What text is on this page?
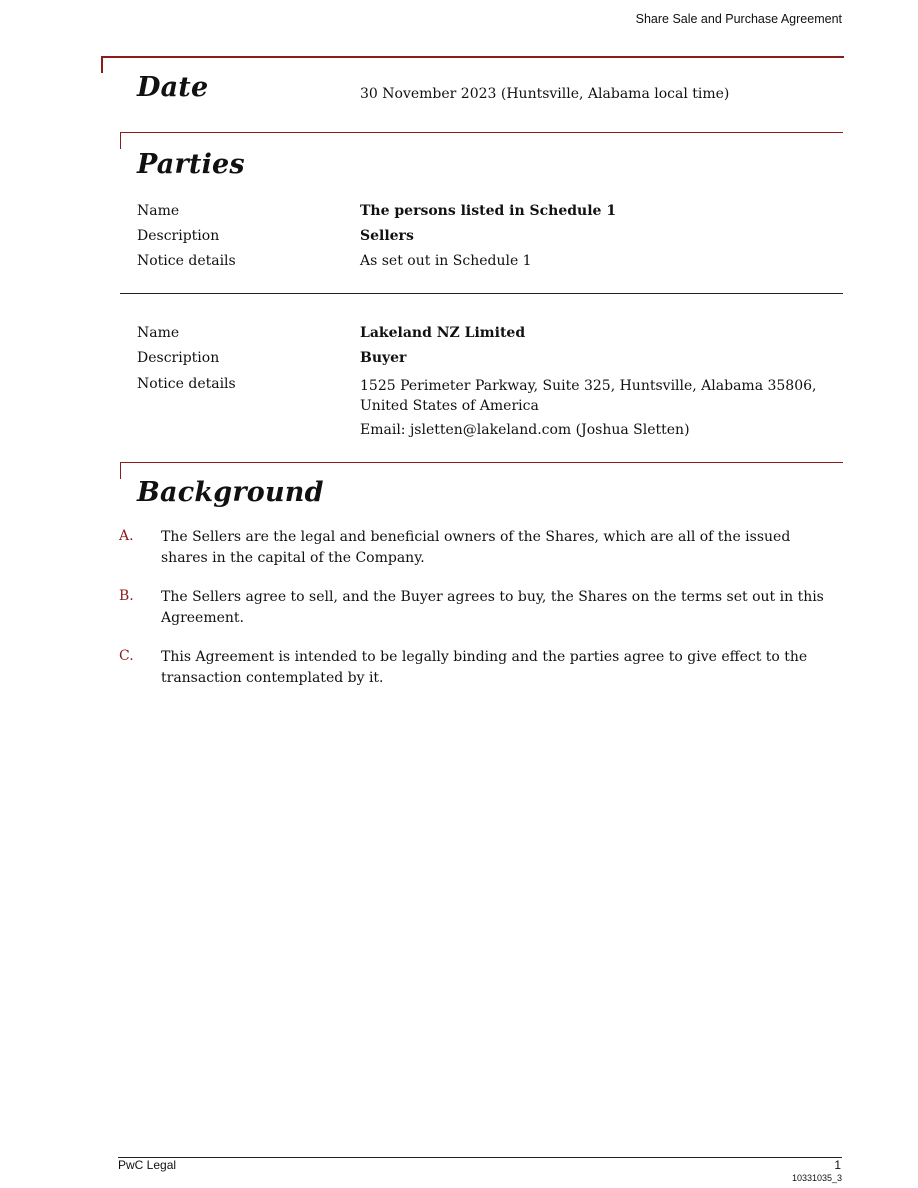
Share Sale and Purchase Agreement
Date	30 November 2023 (Huntsville, Alabama local time)
Parties
Name	The persons listed in Schedule 1
Description	Sellers
Notice details	As set out in Schedule 1
Name	Lakeland NZ Limited
Description	Buyer
Notice details	1525 Perimeter Parkway, Suite 325, Huntsville, Alabama 35806, United States of America
Email: jsletten@lakeland.com (Joshua Sletten)
Background
A. The Sellers are the legal and beneficial owners of the Shares, which are all of the issued shares in the capital of the Company.
B. The Sellers agree to sell, and the Buyer agrees to buy, the Shares on the terms set out in this Agreement.
C. This Agreement is intended to be legally binding and the parties agree to give effect to the transaction contemplated by it.
PwC Legal	1
10331035_3
